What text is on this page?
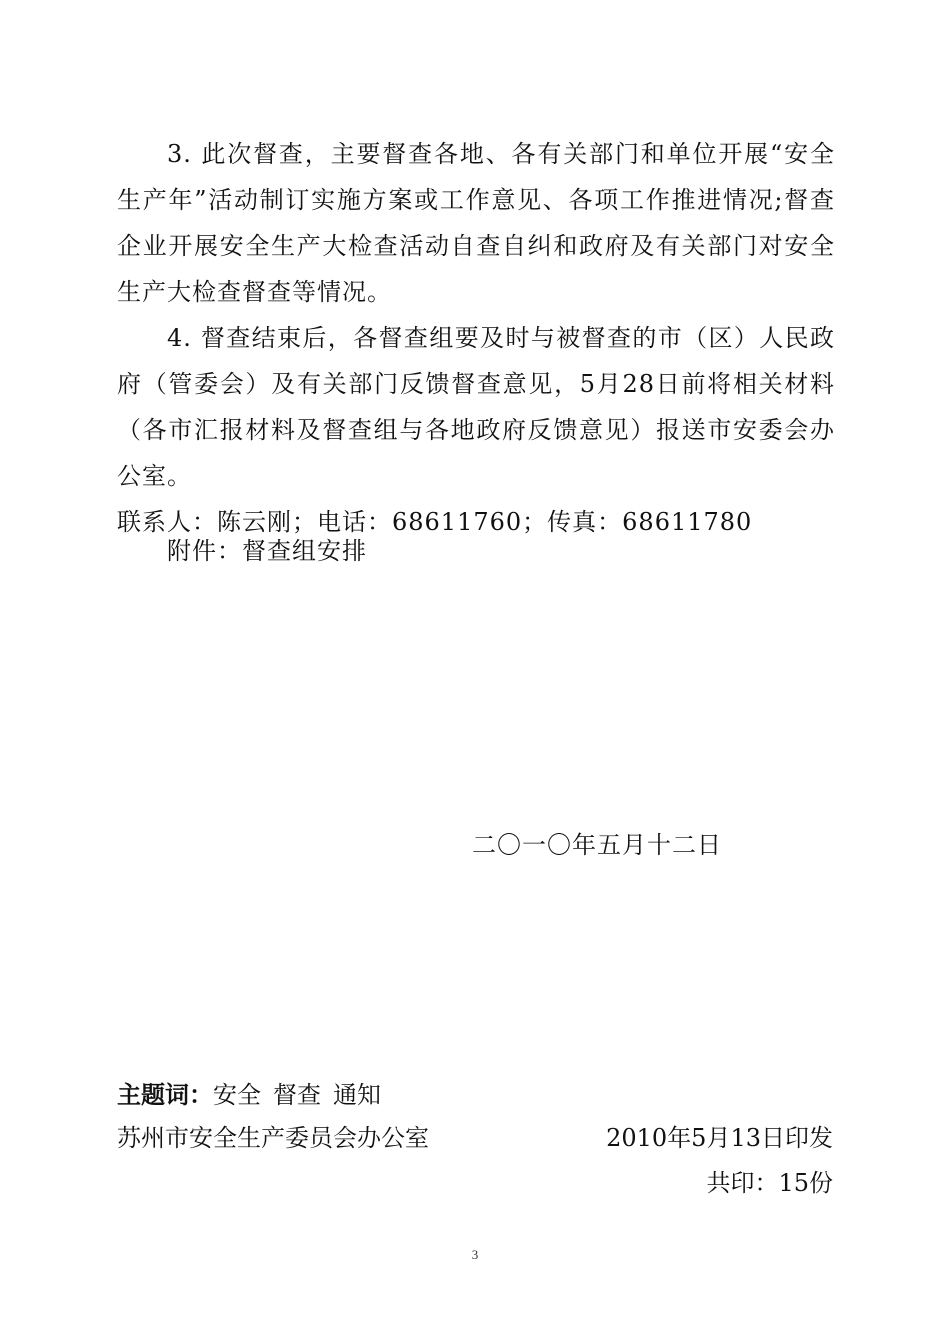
3. 此次督查，主要督查各地、各有关部门和单位开展“安全生产年”活动制订实施方案或工作意见、各项工作推进情况;督查企业开展安全生产大检查活动自查自纠和政府及有关部门对安全生产大检查督查等情况。

4. 督查结束后，各督查组要及时与被督查的市（区）人民政府（管委会）及有关部门反馈督查意见，5月28日前将相关材料（各市汇报材料及督查组与各地政府反馈意见）报送市安委会办公室。

联系人：陈云刚；电话：68611760；传真：68611780

附件：督查组安排
二〇一〇年五月十二日
主题词：安全 督查 通知
苏州市安全生产委员会办公室	2010年5月13日印发
共印：15份
3
